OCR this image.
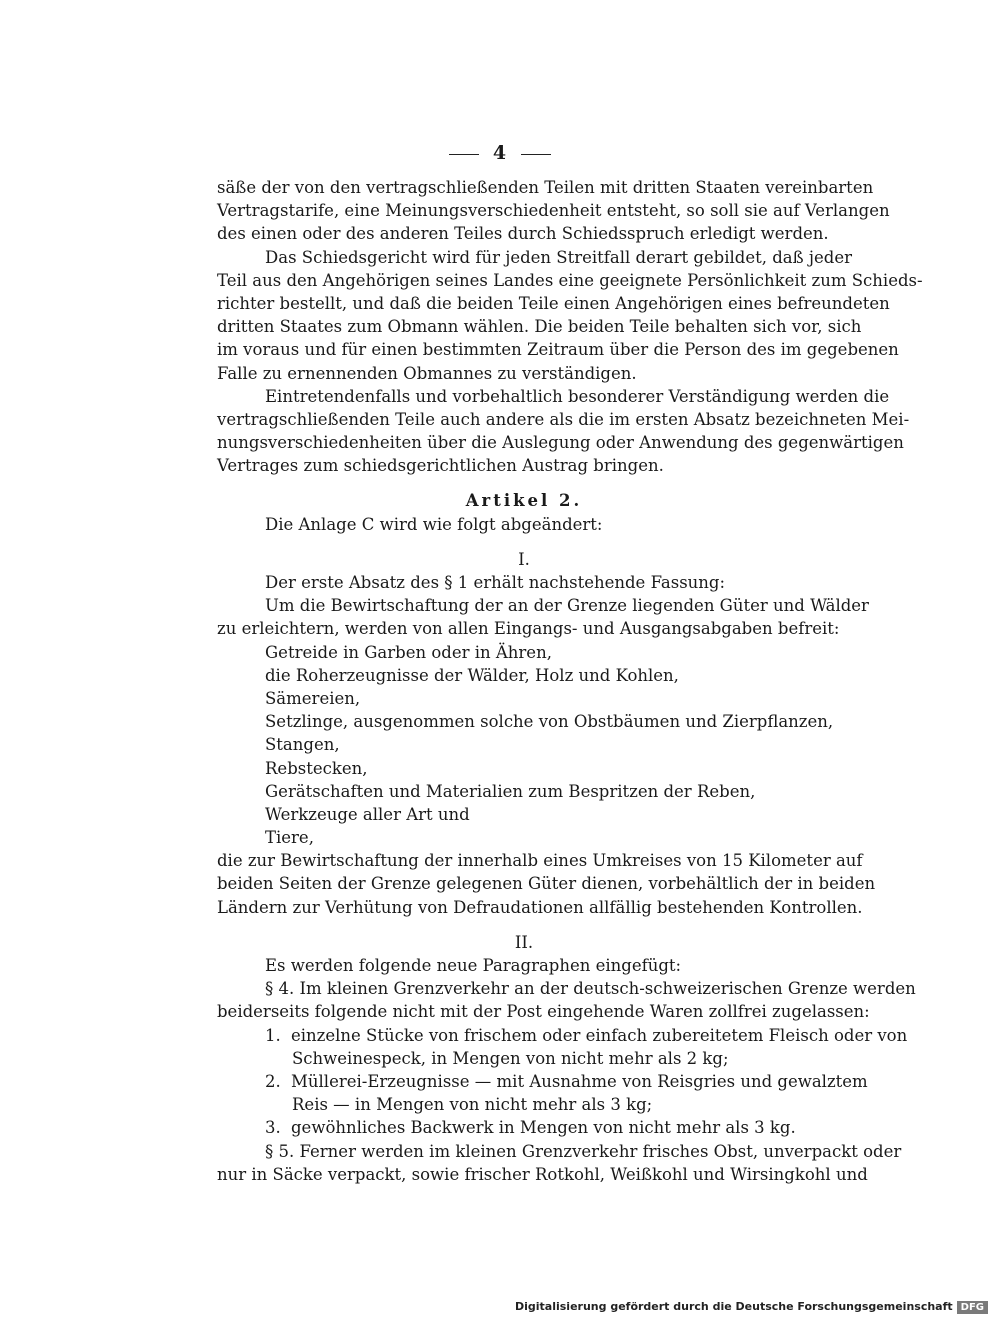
4
säße der von den vertragschließenden Teilen mit dritten Staaten vereinbarten
Vertragstarife, eine Meinungsverschiedenheit entsteht, so soll sie auf Verlangen
des einen oder des anderen Teiles durch Schiedsspruch erledigt werden.
Das Schiedsgericht wird für jeden Streitfall derart gebildet, daß jeder
Teil aus den Angehörigen seines Landes eine geeignete Persönlichkeit zum Schieds-
richter bestellt, und daß die beiden Teile einen Angehörigen eines befreundeten
dritten Staates zum Obmann wählen. Die beiden Teile behalten sich vor, sich
im voraus und für einen bestimmten Zeitraum über die Person des im gegebenen
Falle zu ernennenden Obmannes zu verständigen.
Eintretendenfalls und vorbehaltlich besonderer Verständigung werden die
vertragschließenden Teile auch andere als die im ersten Absatz bezeichneten Mei-
nungsverschiedenheiten über die Auslegung oder Anwendung des gegenwärtigen
Vertrages zum schiedsgerichtlichen Austrag bringen.
Artikel 2.
Die Anlage C wird wie folgt abgeändert:
I.
Der erste Absatz des § 1 erhält nachstehende Fassung:
Um die Bewirtschaftung der an der Grenze liegenden Güter und Wälder
zu erleichtern, werden von allen Eingangs- und Ausgangsabgaben befreit:
Getreide in Garben oder in Ähren,
die Roherzeugnisse der Wälder, Holz und Kohlen,
Sämereien,
Setzlinge, ausgenommen solche von Obstbäumen und Zierpflanzen,
Stangen,
Rebstecken,
Gerätschaften und Materialien zum Bespritzen der Reben,
Werkzeuge aller Art und
Tiere,
die zur Bewirtschaftung der innerhalb eines Umkreises von 15 Kilometer auf
beiden Seiten der Grenze gelegenen Güter dienen, vorbehältlich der in beiden
Ländern zur Verhütung von Defraudationen allfällig bestehenden Kontrollen.
II.
Es werden folgende neue Paragraphen eingefügt:
§ 4. Im kleinen Grenzverkehr an der deutsch-schweizerischen Grenze werden
beiderseits folgende nicht mit der Post eingehende Waren zollfrei zugelassen:
1. einzelne Stücke von frischem oder einfach zubereitetem Fleisch oder von
Schweinespeck, in Mengen von nicht mehr als 2 kg;
2. Müllerei-Erzeugnisse — mit Ausnahme von Reisgries und gewalztem
Reis — in Mengen von nicht mehr als 3 kg;
3. gewöhnliches Backwerk in Mengen von nicht mehr als 3 kg.
§ 5. Ferner werden im kleinen Grenzverkehr frisches Obst, unverpackt oder
nur in Säcke verpackt, sowie frischer Rotkohl, Weißkohl und Wirsingkohl und
Digitalisierung gefördert durch die Deutsche Forschungsgemeinschaft DFG
